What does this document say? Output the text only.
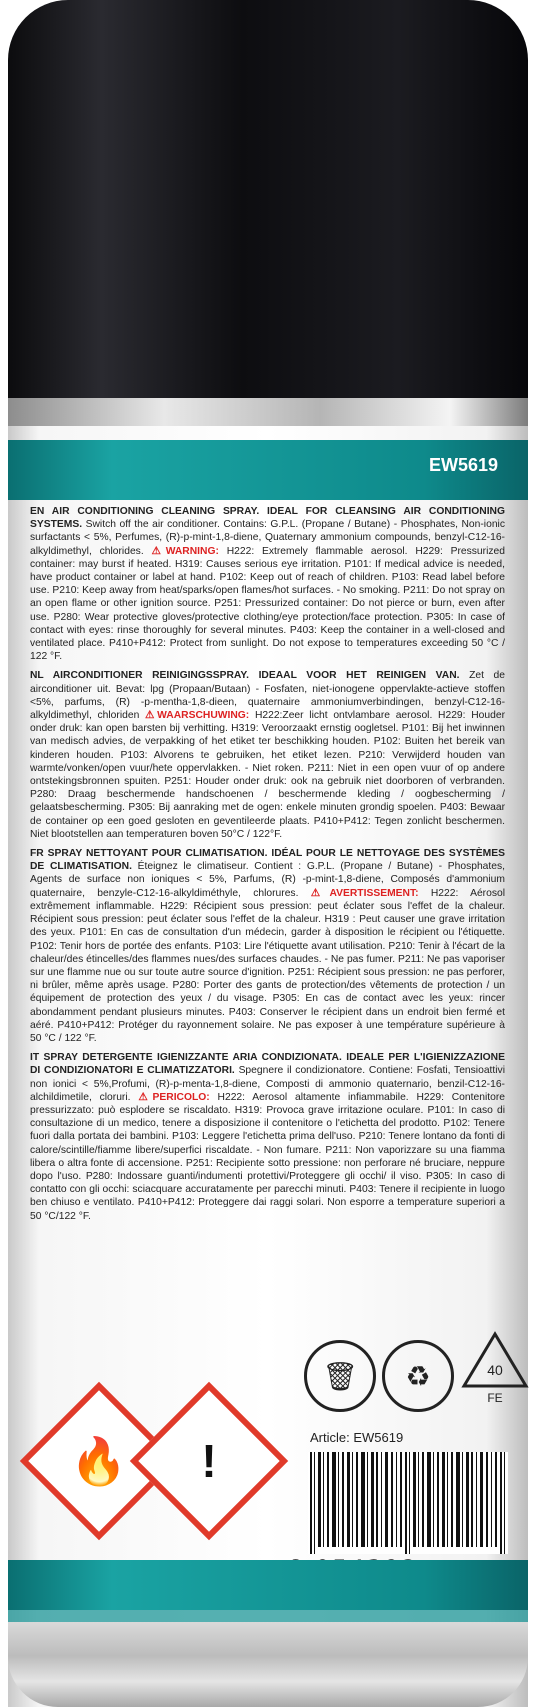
EW5619

EN AIR CONDITIONING CLEANING SPRAY. IDEAL FOR CLEANSING AIR CONDITIONING SYSTEMS. Switch off the air conditioner. Contains: G.P.L. (Propane / Butane) - Phosphates, Non-ionic surfactants < 5%, Perfumes, (R)-p-mint-1,8-diene, Quaternary ammonium compounds, benzyl-C12-16-alkyldimethyl, chlorides. ⚠WARNING: H222: Extremely flammable aerosol. H229: Pressurized container: may burst if heated. H319: Causes serious eye irritation. P101: If medical advice is needed, have product container or label at hand. P102: Keep out of reach of children. P103: Read label before use. P210: Keep away from heat/sparks/open flames/hot surfaces. - No smoking. P211: Do not spray on an open flame or other ignition source. P251: Pressurized container: Do not pierce or burn, even after use. P280: Wear protective gloves/protective clothing/eye protection/face protection. P305: In case of contact with eyes: rinse thoroughly for several minutes. P403: Keep the container in a well-closed and ventilated place. P410+P412: Protect from sunlight. Do not expose to temperatures exceeding 50 °C / 122 °F.

NL AIRCONDITIONER REINIGINGSSPRAY. IDEAAL VOOR HET REINIGEN VAN. Zet de airconditioner uit. Bevat: lpg (Propaan/Butaan) - Fosfaten, niet-ionogene oppervlakte-actieve stoffen <5%, parfums, (R) -p-mentha-1,8-dieen, quaternaire ammoniumverbindingen, benzyl-C12-16-alkyldimethyl, chloriden ⚠WAARSCHUWING: H222:Zeer licht ontvlambare aerosol. H229: Houder onder druk: kan open barsten bij verhitting. H319: Veroorzaakt ernstig oogletsel. P101: Bij het inwinnen van medisch advies, de verpakking of het etiket ter beschikking houden. P102: Buiten het bereik van kinderen houden. P103: Alvorens te gebruiken, het etiket lezen. P210: Verwijderd houden van warmte/vonken/open vuur/hete oppervlakken. - Niet roken. P211: Niet in een open vuur of op andere ontstekingsbronnen spuiten. P251: Houder onder druk: ook na gebruik niet doorboren of verbranden. P280: Draag beschermende handschoenen / beschermende kleding / oogbescherming / gelaatsbescherming. P305: Bij aanraking met de ogen: enkele minuten grondig spoelen. P403: Bewaar de container op een goed gesloten en geventileerde plaats. P410+P412: Tegen zonlicht beschermen. Niet blootstellen aan temperaturen boven 50°C / 122°F.

FR SPRAY NETTOYANT POUR CLIMATISATION. IDÉAL POUR LE NETTOYAGE DES SYSTÈMES DE CLIMATISATION. Éteignez le climatiseur. Contient : G.P.L. (Propane / Butane) - Phosphates, Agents de surface non ioniques < 5%, Parfums, (R) -p-mint-1,8-diene, Composés d'ammonium quaternaire, benzyle-C12-16-alkyldiméthyle, chlorures. ⚠AVERTISSEMENT: H222: Aérosol extrêmement inflammable. H229: Récipient sous pression: peut éclater sous l'effet de la chaleur. Récipient sous pression: peut éclater sous l'effet de la chaleur. H319 : Peut causer une grave irritation des yeux. P101: En cas de consultation d'un médecin, garder à disposition le récipient ou l'étiquette. P102: Tenir hors de portée des enfants. P103: Lire l'étiquette avant utilisation. P210: Tenir à l'écart de la chaleur/des étincelles/des flammes nues/des surfaces chaudes. - Ne pas fumer. P211: Ne pas vaporiser sur une flamme nue ou sur toute autre source d'ignition. P251: Récipient sous pression: ne pas perforer, ni brûler, même après usage. P280: Porter des gants de protection/des vêtements de protection / un équipement de protection des yeux / du visage. P305: En cas de contact avec les yeux: rincer abondamment pendant plusieurs minutes. P403: Conserver le récipient dans un endroit bien fermé et aéré. P410+P412: Protéger du rayonnement solaire. Ne pas exposer à une température supérieure à 50 °C / 122 °F.

IT SPRAY DETERGENTE IGIENIZZANTE ARIA CONDIZIONATA. IDEALE PER L'IGIENIZZAZIONE DI CONDIZIONATORI E CLIMATIZZATORI. Spegnere il condizionatore. Contiene: Fosfati, Tensioattivi non ionici < 5%,Profumi, (R)-p-menta-1,8-diene, Composti di ammonio quaternario, benzil-C12-16-alchildimetile, cloruri. ⚠PERICOLO: H222: Aerosol altamente infiammabile. H229: Contenitore pressurizzato: può esplodere se riscaldato. H319: Provoca grave irritazione oculare. P101: In caso di consultazione di un medico, tenere a disposizione il contenitore o l'etichetta del prodotto. P102: Tenere fuori dalla portata dei bambini. P103: Leggere l'etichetta prima dell'uso. P210: Tenere lontano da fonti di calore/scintille/fiamme libere/superfici riscaldate. - Non fumare. P211: Non vaporizzare su una fiamma libera o altra fonte di accensione. P251: Recipiente sotto pressione: non perforare né bruciare, neppure dopo l'uso. P280: Indossare guanti/indumenti protettivi/Proteggere gli occhi/ il viso. P305: In caso di contatto con gli occhi: sciacquare accuratamente per parecchi minuti. P403: Tenere il recipiente in luogo ben chiuso e ventilato. P410+P412: Proteggere dai raggi solari. Non esporre a temperature superiori a 50 °C/122 °F.

🗑	♻	40
FE
Article: EW5619
🔥	!
